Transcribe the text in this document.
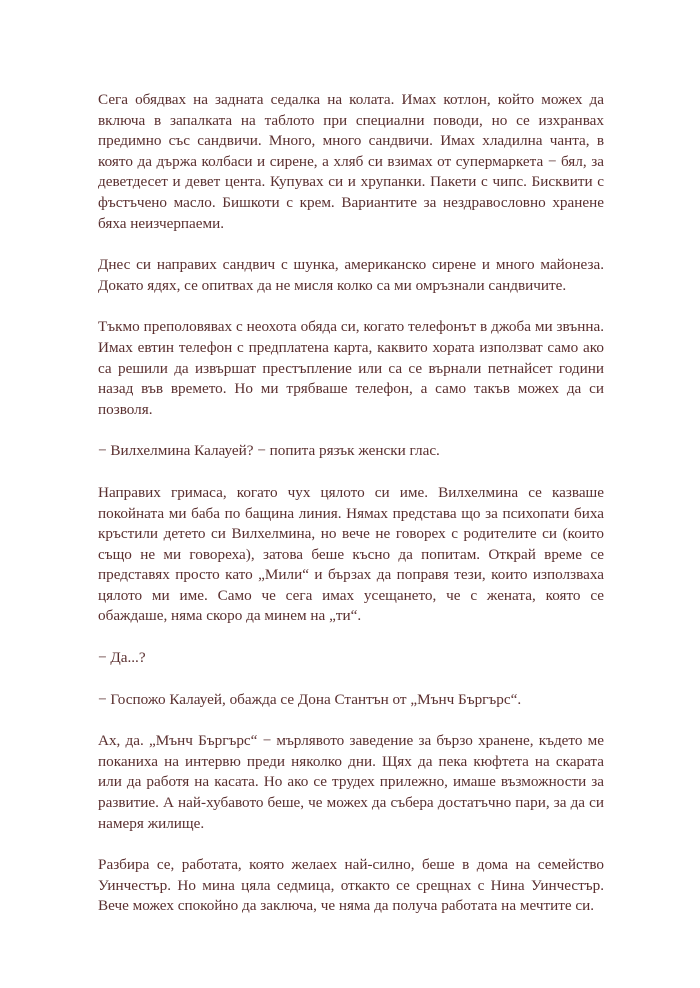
Сега обядвах на задната седалка на колата. Имах котлон, който можех да включа в запалката на таблото при специални поводи, но се изхранвах предимно със сандвичи. Много, много сандвичи. Имах хладилна чанта, в която да държа колбаси и сирене, а хляб си взимах от супермаркета − бял, за деветдесет и девет цента. Купувах си и хрупанки. Пакети с чипс. Бисквити с фъстъчено масло. Бишкоти с крем. Вариантите за нездравословно хранене бяха неизчерпаеми.

Днес си направих сандвич с шунка, американско сирене и много майонеза. Докато ядях, се опитвах да не мисля колко са ми омръзнали сандвичите.

Тъкмо преполовявах с неохота обяда си, когато телефонът в джоба ми звънна. Имах евтин телефон с предплатена карта, каквито хората използват само ако са решили да извършат престъпление или са се върнали петнайсет години назад във времето. Но ми трябваше телефон, а само такъв можех да си позволя.

− Вилхелмина Калауей? − попита рязък женски глас.

Направих гримаса, когато чух цялото си име. Вилхелмина се казваше покойната ми баба по бащина линия. Нямах представа що за психопати биха кръстили детето си Вилхелмина, но вече не говорех с родителите си (които също не ми говореха), затова беше късно да попитам. Открай време се представях просто като „Мили“ и бързах да поправя тези, които използваха цялото ми име. Само че сега имах усещането, че с жената, която се обаждаше, няма скоро да минем на „ти“.

− Да...?

− Госпожо Калауей, обажда се Дона Стантън от „Мънч Бъргърс“.

Ах, да. „Мънч Бъргърс“ − мърлявото заведение за бързо хранене, където ме поканиха на интервю преди няколко дни. Щях да пека кюфтета на скарата или да работя на касата. Но ако се трудех прилежно, имаше възможности за развитие. А най-хубавото беше, че можех да събера достатъчно пари, за да си намеря жилище.

Разбира се, работата, която желаех най-силно, беше в дома на семейство Уинчестър. Но мина цяла седмица, откакто се срещнах с Нина Уинчестър. Вече можех спокойно да заключа, че няма да получа работата на мечтите си.
